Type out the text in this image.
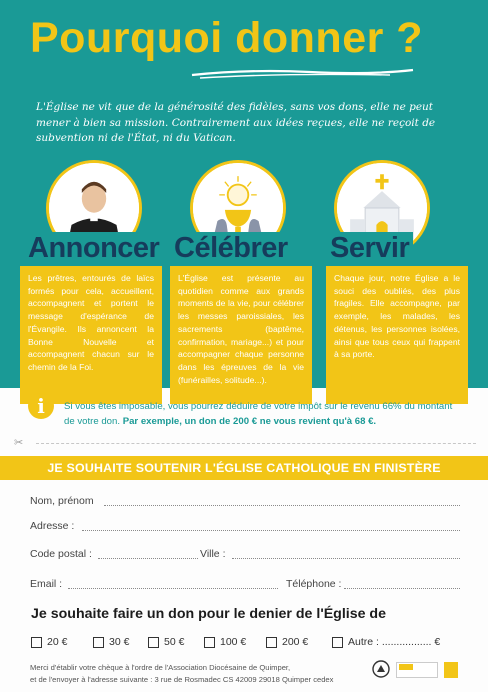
Pourquoi donner ?
L'Église ne vit que de la générosité des fidèles, sans vos dons, elle ne peut mener à bien sa mission. Contrairement aux idées reçues, elle ne reçoit de subvention ni de l'État, ni du Vatican.
Annoncer Célébrer Servir
Les prêtres, entourés de laïcs formés pour cela, accueillent, accompagnent et portent le message d'espérance de l'Évangile. Ils annoncent la Bonne Nouvelle et accompagnent chacun sur le chemin de la Foi.
L'Église est présente au quotidien comme aux grands moments de la vie, pour célébrer les messes paroissiales, les sacrements (baptême, confirmation, mariage...) et pour accompagner chaque personne dans les épreuves de la vie (funérailles, solitude...).
Chaque jour, notre Église a le souci des oubliés, des plus fragiles. Elle accompagne, par exemple, les malades, les détenus, les personnes isolées, ainsi que tous ceux qui frappent à sa porte.
i	Si vous êtes imposable, vous pourrez déduire de votre impôt sur le revenu 66% du montant de votre don. Par exemple, un don de 200 € ne vous revient qu'à 68 €.
✂
JE SOUHAITE SOUTENIR L'ÉGLISE CATHOLIQUE EN FINISTÈRE
Nom, prénom
Adresse :
Code postal :	Ville :
Email :	Téléphone :
Je souhaite faire un don pour le denier de l'Église de
20 €	30 €	50 €	100 €	200 €	Autre : ................. €
Merci d'établir votre chèque à l'ordre de l'Association Diocésaine de Quimper,
et de l'envoyer à l'adresse suivante : 3 rue de Rosmadec CS 42009 29018 Quimper cedex
